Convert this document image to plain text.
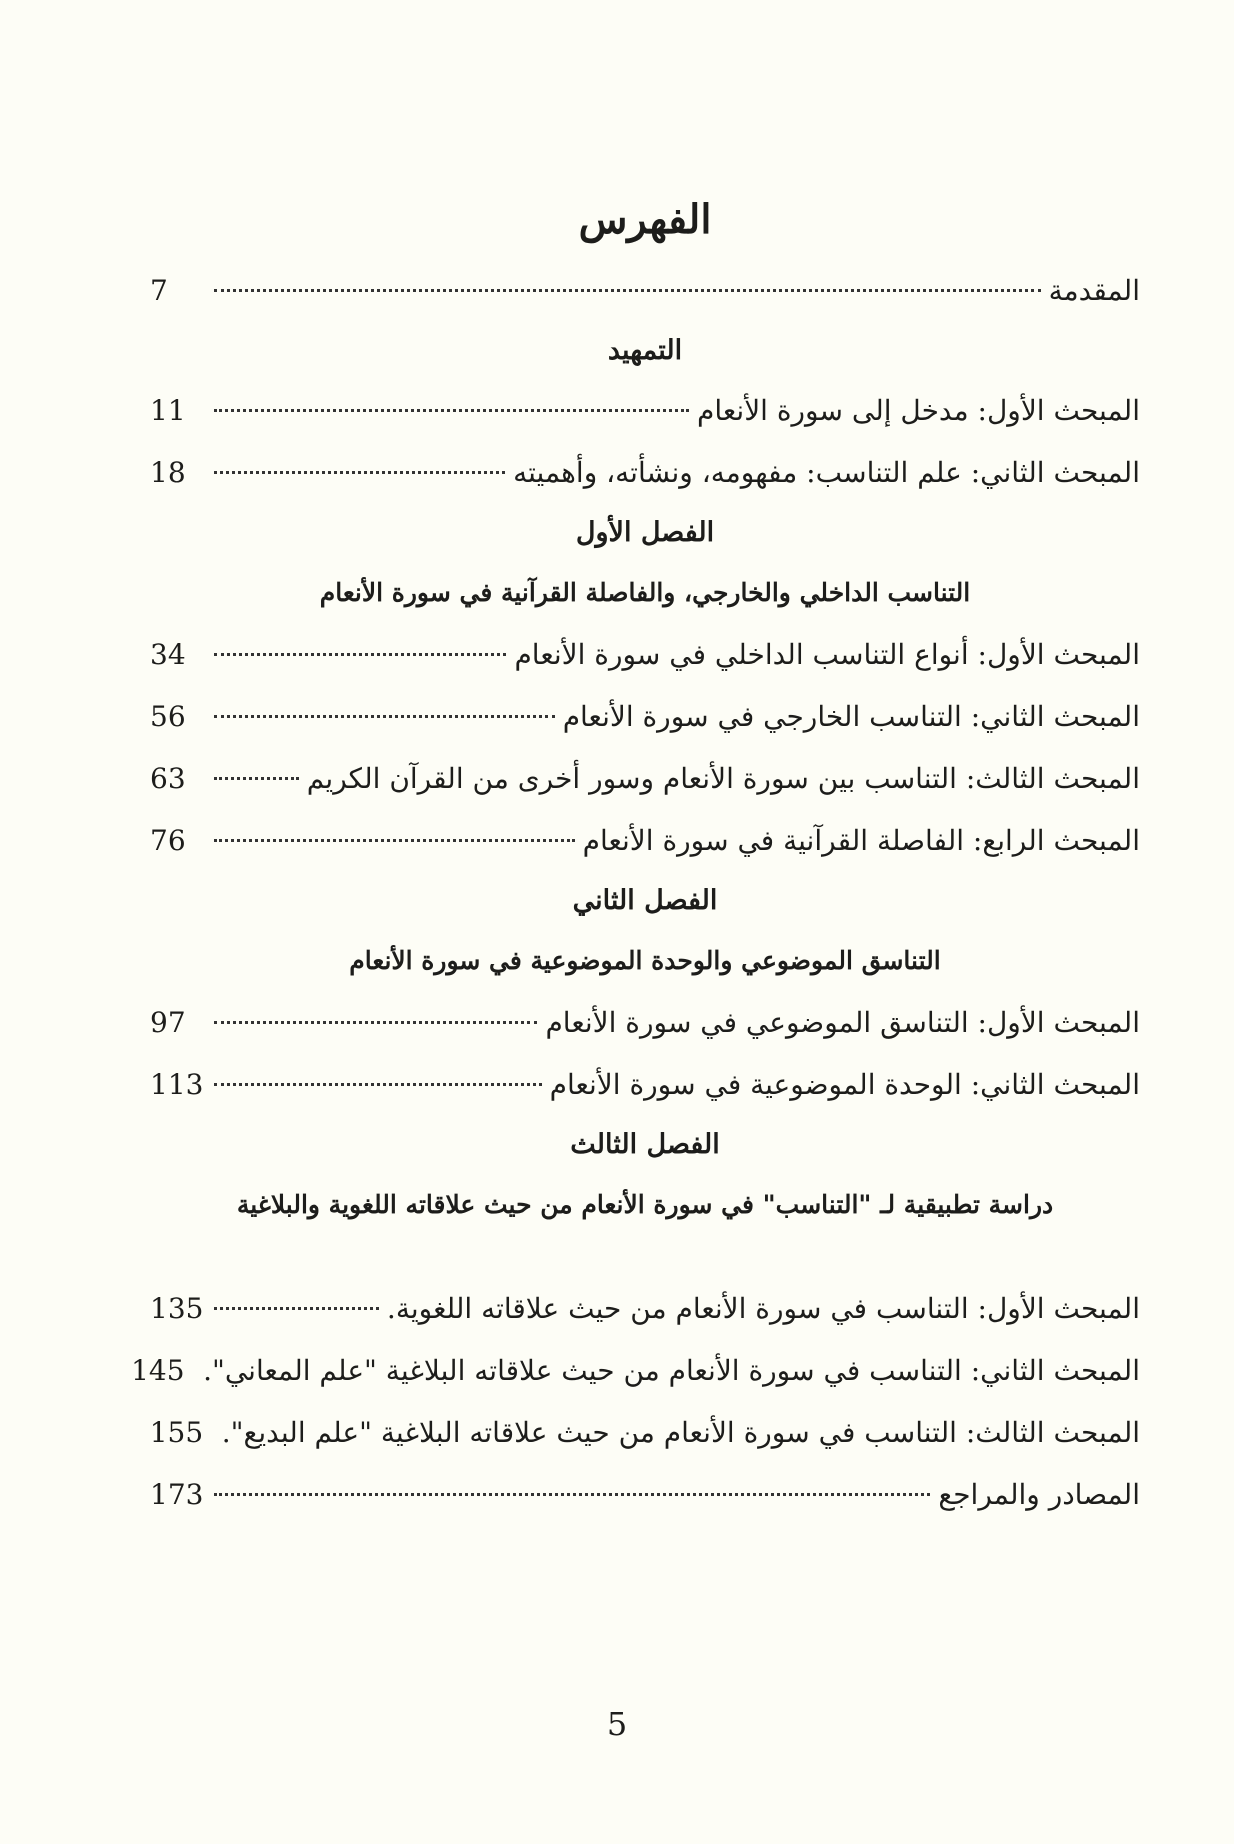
الفهرس
المقدمة
7
التمهيد
المبحث الأول: مدخل إلى سورة الأنعام
11
المبحث الثاني: علم التناسب: مفهومه، ونشأته، وأهميته
18
الفصل الأول
التناسب الداخلي والخارجي، والفاصلة القرآنية في سورة الأنعام
المبحث الأول: أنواع التناسب الداخلي في سورة الأنعام
34
المبحث الثاني: التناسب الخارجي في سورة الأنعام
56
المبحث الثالث: التناسب بين سورة الأنعام وسور أخرى من القرآن الكريم
63
المبحث الرابع: الفاصلة القرآنية في سورة الأنعام
76
الفصل الثاني
التناسق الموضوعي والوحدة الموضوعية في سورة الأنعام
المبحث الأول: التناسق الموضوعي في سورة الأنعام
97
المبحث الثاني: الوحدة الموضوعية في سورة الأنعام
113
الفصل الثالث
دراسة تطبيقية لـ "التناسب" في سورة الأنعام من حيث علاقاته اللغوية والبلاغية
المبحث الأول: التناسب في سورة الأنعام من حيث علاقاته اللغوية.
135
المبحث الثاني: التناسب في سورة الأنعام من حيث علاقاته البلاغية "علم المعاني".
145
المبحث الثالث: التناسب في سورة الأنعام من حيث علاقاته البلاغية "علم البديع".
155
المصادر والمراجع
173
5
